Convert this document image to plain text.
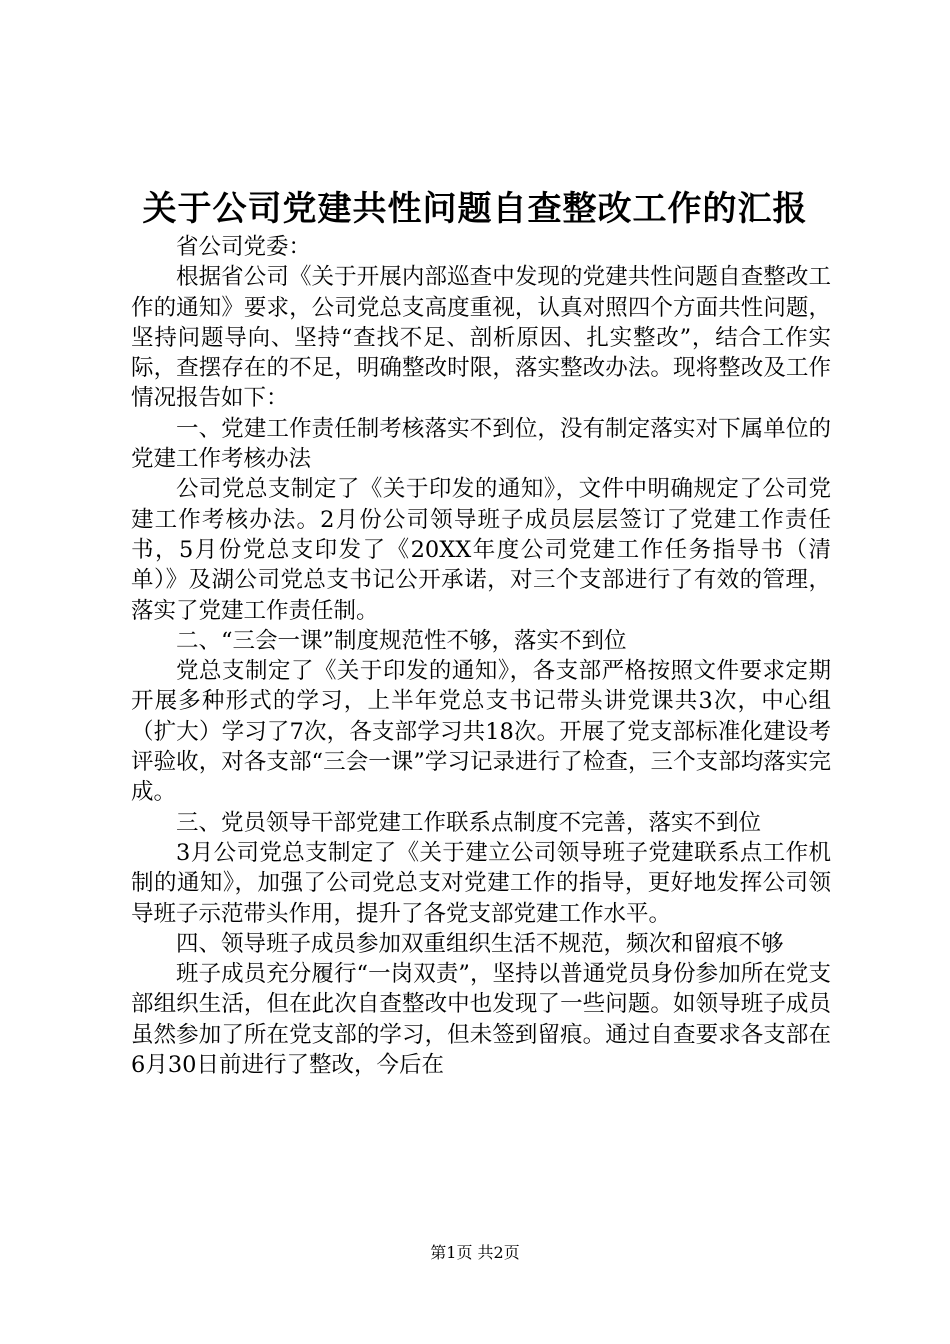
关于公司党建共性问题自查整改工作的汇报

省公司党委：

根据省公司《关于开展内部巡查中发现的党建共性问题自查整改工作的通知》要求，公司党总支高度重视，认真对照四个方面共性问题，坚持问题导向、坚持“查找不足、剖析原因、扎实整改”，结合工作实际，查摆存在的不足，明确整改时限，落实整改办法。现将整改及工作情况报告如下：

一、党建工作责任制考核落实不到位，没有制定落实对下属单位的党建工作考核办法

公司党总支制定了《关于印发的通知》，文件中明确规定了公司党建工作考核办法。2月份公司领导班子成员层层签订了党建工作责任书，5月份党总支印发了《20XX年度公司党建工作任务指导书（清单）》及湖公司党总支书记公开承诺，对三个支部进行了有效的管理，落实了党建工作责任制。

二、“三会一课”制度规范性不够，落实不到位

党总支制定了《关于印发的通知》，各支部严格按照文件要求定期开展多种形式的学习，上半年党总支书记带头讲党课共3次，中心组（扩大）学习了7次，各支部学习共18次。开展了党支部标准化建设考评验收，对各支部“三会一课”学习记录进行了检查，三个支部均落实完成。

三、党员领导干部党建工作联系点制度不完善，落实不到位

3月公司党总支制定了《关于建立公司领导班子党建联系点工作机制的通知》，加强了公司党总支对党建工作的指导，更好地发挥公司领导班子示范带头作用，提升了各党支部党建工作水平。

四、领导班子成员参加双重组织生活不规范，频次和留痕不够

班子成员充分履行“一岗双责”，坚持以普通党员身份参加所在党支部组织生活，但在此次自查整改中也发现了一些问题。如领导班子成员虽然参加了所在党支部的学习，但未签到留痕。通过自查要求各支部在6月30日前进行了整改，今后在

第1页 共2页
